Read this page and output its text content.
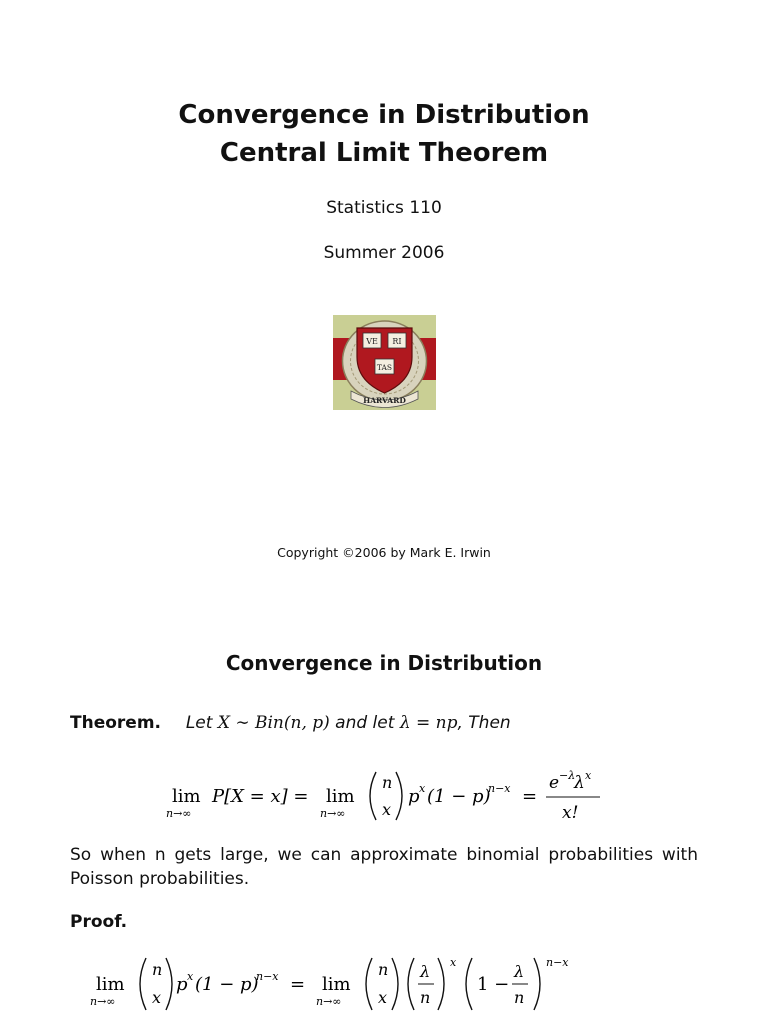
Convergence in Distribution
Central Limit Theorem
Statistics 110
Summer 2006
VE RI
TAS
HARVARD
Copyright ©2006 by Mark E. Irwin
Convergence in Distribution
Theorem. Let X ∼ Bin(n, p) and let λ = np, Then
lim
n→∞
P[X = x] = lim
n→∞
n
x
p x (1 − p)
n−x =
e −λ
λ x
x!
So when n gets large, we can approximate binomial probabilities with Poisson probabilities.
Proof.
lim
n→∞
n
x
p x (1 − p)
n−x = lim
n→∞
n
x
λ
n
x
1 −
λ
n
n−x
